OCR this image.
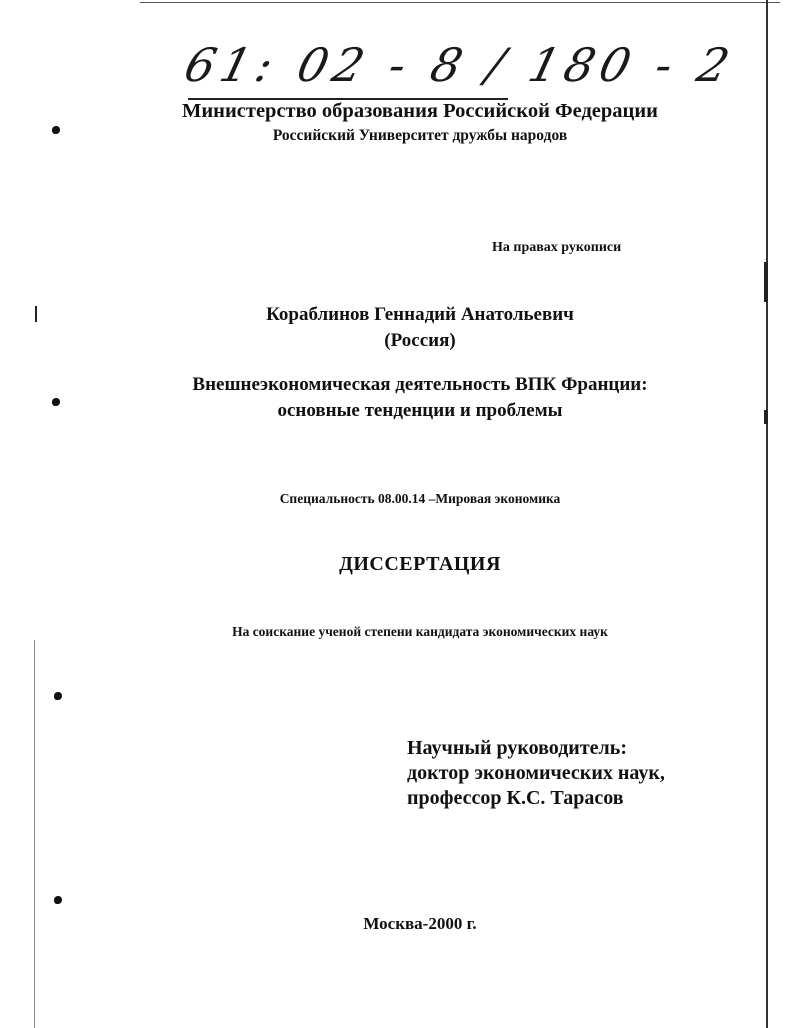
61: 02 - 8 / 180 - 2
Министерство образования Российской Федерации
Российский Университет дружбы народов
На правах рукописи
Кораблинов Геннадий Анатольевич
(Россия)
Внешнеэкономическая деятельность ВПК Франции:
основные тенденции и проблемы
Специальность 08.00.14 –Мировая экономика
ДИССЕРТАЦИЯ
На соискание ученой степени кандидата экономических наук
Научный руководитель:
доктор экономических наук,
профессор К.С. Тарасов
Москва-2000 г.
